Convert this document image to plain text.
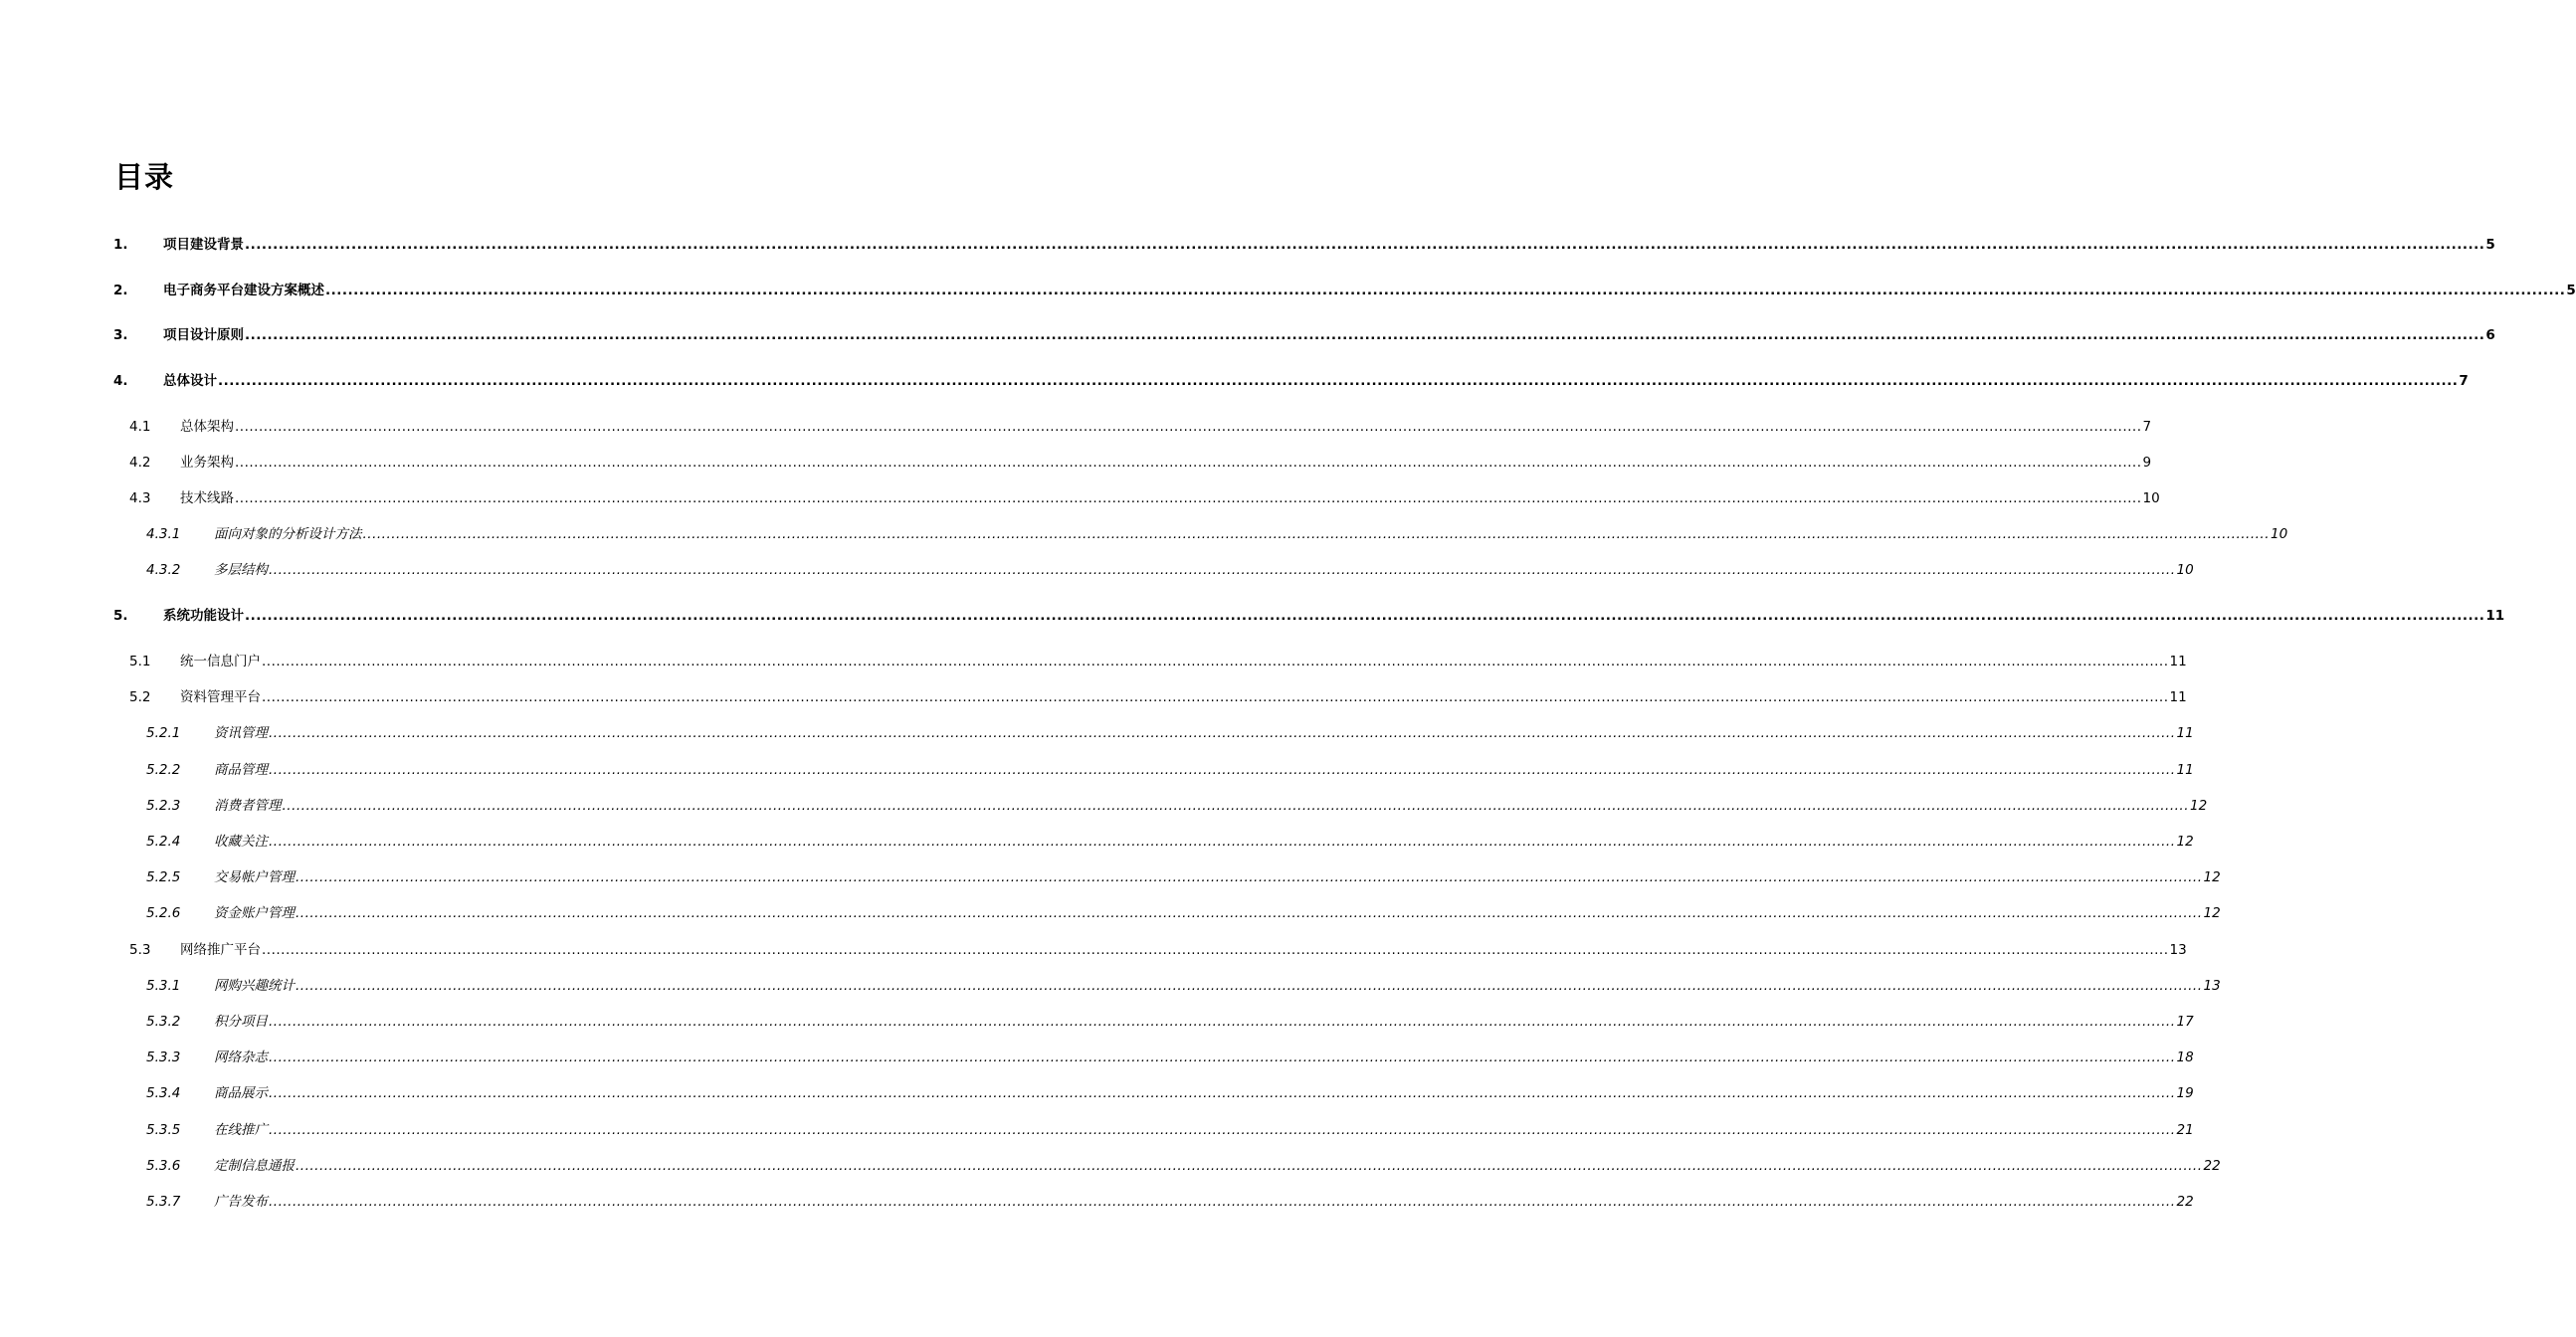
目录
1.	项目建设背景 ................................................................................................................................................................................................................................................................................................................................................................................................................ 5
2.	电子商务平台建设方案概述 ................................................................................................................................................................................................................................................................................................................................................................................................................ 5
3.	项目设计原则 ................................................................................................................................................................................................................................................................................................................................................................................................................ 6
4.	总体设计 ................................................................................................................................................................................................................................................................................................................................................................................................................ 7
4.1 总体架构 ................................................................................................................................................................................................................................................................................................................................................................................................................ 7
4.2 业务架构 ................................................................................................................................................................................................................................................................................................................................................................................................................ 9
4.3 技术线路 ................................................................................................................................................................................................................................................................................................................................................................................................................ 10
4.3.1 面向对象的分析设计方法 ................................................................................................................................................................................................................................................................................................................................................................................................................ 10
4.3.2 多层结构 ................................................................................................................................................................................................................................................................................................................................................................................................................ 10
5.	系统功能设计 ................................................................................................................................................................................................................................................................................................................................................................................................................ 11
5.1 统一信息门户 ................................................................................................................................................................................................................................................................................................................................................................................................................ 11
5.2 资料管理平台 ................................................................................................................................................................................................................................................................................................................................................................................................................ 11
5.2.1 资讯管理 ................................................................................................................................................................................................................................................................................................................................................................................................................ 11
5.2.2 商品管理 ................................................................................................................................................................................................................................................................................................................................................................................................................ 11
5.2.3 消费者管理 ................................................................................................................................................................................................................................................................................................................................................................................................................ 12
5.2.4 收藏关注 ................................................................................................................................................................................................................................................................................................................................................................................................................ 12
5.2.5 交易帐户管理 ................................................................................................................................................................................................................................................................................................................................................................................................................ 12
5.2.6 资金账户管理 ................................................................................................................................................................................................................................................................................................................................................................................................................ 12
5.3 网络推广平台 ................................................................................................................................................................................................................................................................................................................................................................................................................ 13
5.3.1 网购兴趣统计 ................................................................................................................................................................................................................................................................................................................................................................................................................ 13
5.3.2 积分项目 ................................................................................................................................................................................................................................................................................................................................................................................................................ 17
5.3.3 网络杂志 ................................................................................................................................................................................................................................................................................................................................................................................................................ 18
5.3.4 商品展示 ................................................................................................................................................................................................................................................................................................................................................................................................................ 19
5.3.5 在线推广 ................................................................................................................................................................................................................................................................................................................................................................................................................ 21
5.3.6 定制信息通报 ................................................................................................................................................................................................................................................................................................................................................................................................................ 22
5.3.7 广告发布 ................................................................................................................................................................................................................................................................................................................................................................................................................ 22
